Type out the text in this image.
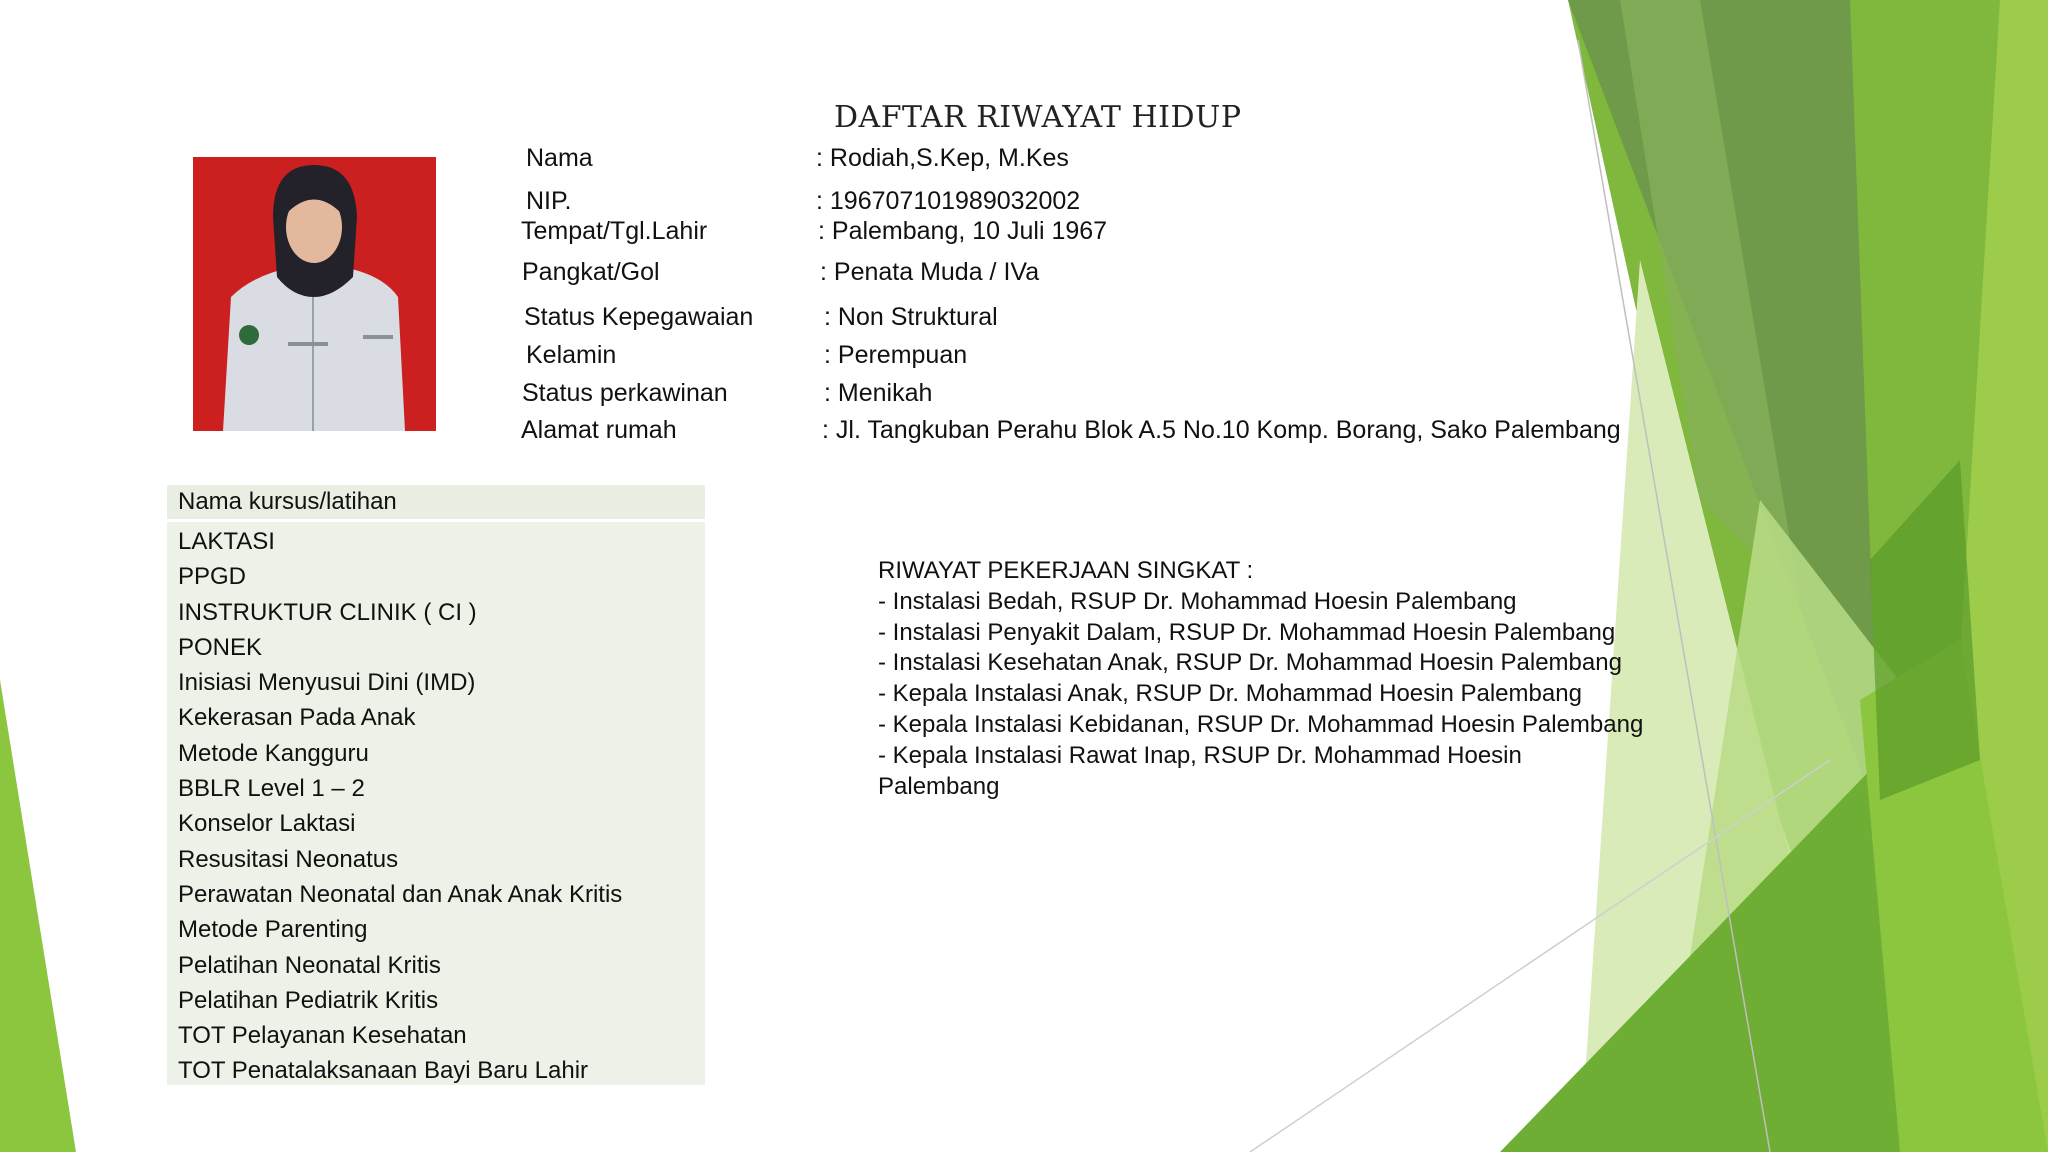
DAFTAR RIWAYAT HIDUP
Nama	: Rodiah,S.Kep, M.Kes
NIP.	: 196707101989032002
Tempat/Tgl.Lahir	: Palembang, 10 Juli 1967
Pangkat/Gol	: Penata Muda / IVa
Status Kepegawaian	: Non Struktural
Kelamin	: Perempuan
Status perkawinan	: Menikah
Alamat rumah	: Jl. Tangkuban Perahu Blok A.5 No.10 Komp. Borang, Sako Palembang
Nama kursus/latihan
LAKTASI
PPGD
INSTRUKTUR CLINIK ( CI )
PONEK
Inisiasi Menyusui Dini (IMD)
Kekerasan Pada Anak
Metode Kangguru
BBLR Level 1 – 2
Konselor Laktasi
Resusitasi Neonatus
Perawatan Neonatal dan Anak Anak Kritis
Metode Parenting
Pelatihan Neonatal Kritis
Pelatihan Pediatrik Kritis
TOT Pelayanan Kesehatan
TOT Penatalaksanaan Bayi Baru Lahir
RIWAYAT PEKERJAAN SINGKAT :
- Instalasi Bedah, RSUP Dr. Mohammad Hoesin Palembang
- Instalasi Penyakit Dalam, RSUP Dr. Mohammad Hoesin Palembang
- Instalasi Kesehatan Anak, RSUP Dr. Mohammad Hoesin Palembang
- Kepala Instalasi Anak, RSUP Dr. Mohammad Hoesin Palembang
- Kepala Instalasi Kebidanan, RSUP Dr. Mohammad Hoesin Palembang
- Kepala Instalasi Rawat Inap, RSUP Dr. Mohammad Hoesin Palembang
